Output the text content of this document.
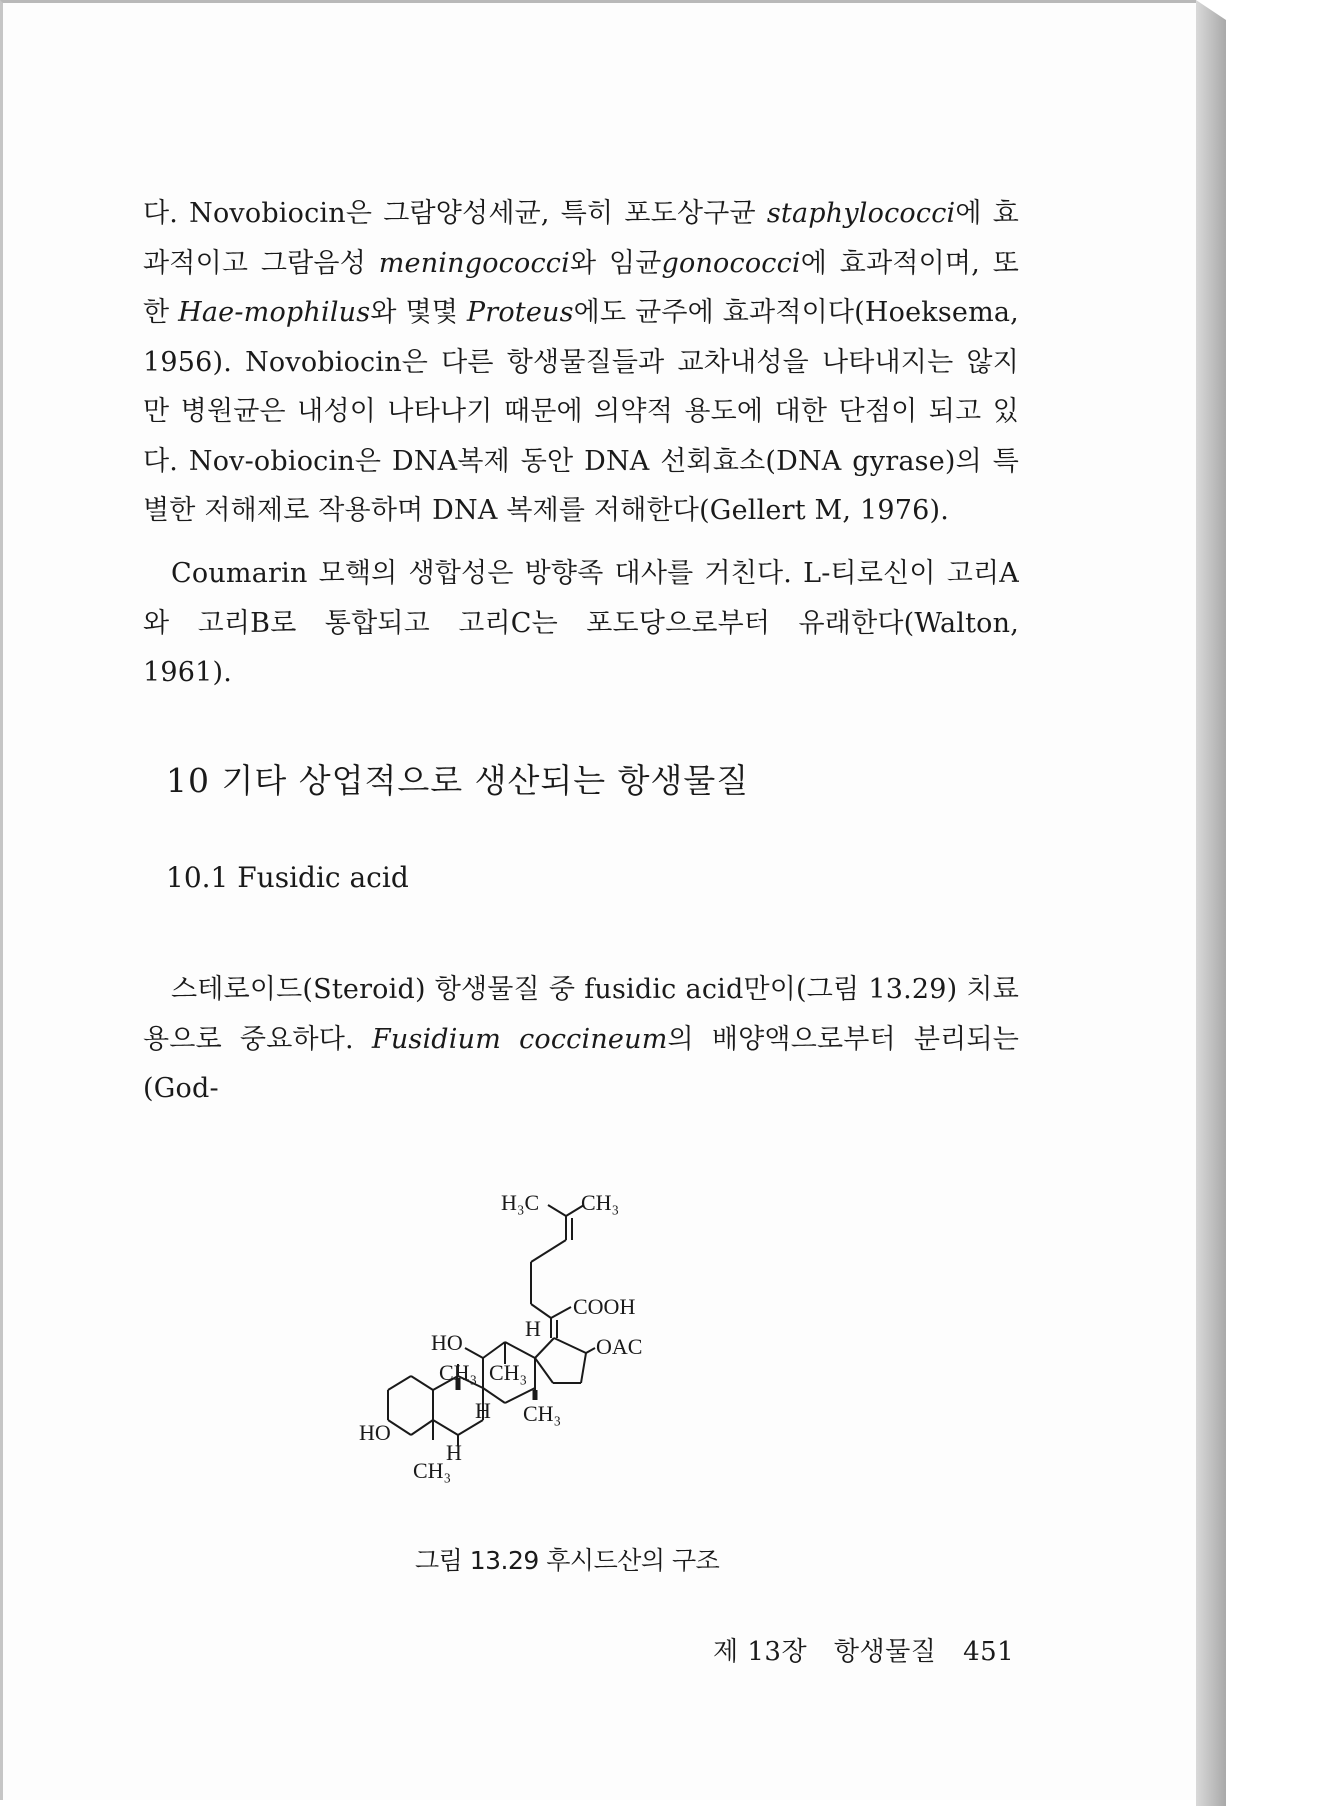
다. Novobiocin은 그람양성세균, 특히 포도상구균 staphylococci에 효과적이고 그람음성 meningococci와 임균gonococci에 효과적이며, 또한 Hae-mophilus와 몇몇 Proteus에도 균주에 효과적이다(Hoeksema, 1956). Novobiocin은 다른 항생물질들과 교차내성을 나타내지는 않지만 병원균은 내성이 나타나기 때문에 의약적 용도에 대한 단점이 되고 있다. Nov-obiocin은 DNA복제 동안 DNA 선회효소(DNA gyrase)의 특별한 저해제로 작용하며 DNA 복제를 저해한다(Gellert M, 1976).

Coumarin 모핵의 생합성은 방향족 대사를 거친다. L-티로신이 고리A와 고리B로 통합되고 고리C는 포도당으로부터 유래한다(Walton, 1961).

10 기타 상업적으로 생산되는 항생물질
10.1 Fusidic acid

스테로이드(Steroid) 항생물질 중 fusidic acid만이(그림 13.29) 치료용으로 중요하다. Fusidium coccineum의 배양액으로부터 분리되는(God-

H₃C CH₃
COOH
OAC
HO
H
CH₃ CH₃
H CH₃
HO
H
CH₃
그림 13.29 후시드산의 구조
제 13장 항생물질 451
